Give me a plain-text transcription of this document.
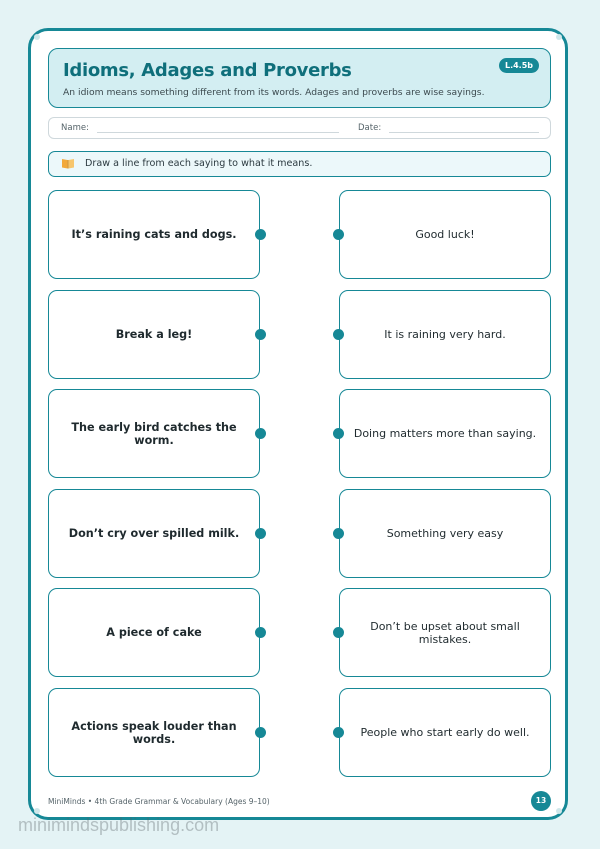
Idioms, Adages and Proverbs	L.4.5b
An idiom means something different from its words. Adages and proverbs are wise sayings.
Name:	Date:
Draw a line from each saying to what it means.
It’s raining cats and dogs.
Break a leg!
The early bird catches the worm.
Don’t cry over spilled milk.
A piece of cake
Actions speak louder than words.
Good luck!
It is raining very hard.
Doing matters more than saying.
Something very easy
Don’t be upset about small mistakes.
People who start early do well.
MiniMinds • 4th Grade Grammar & Vocabulary (Ages 9–10)	13
minimindspublishing.com
